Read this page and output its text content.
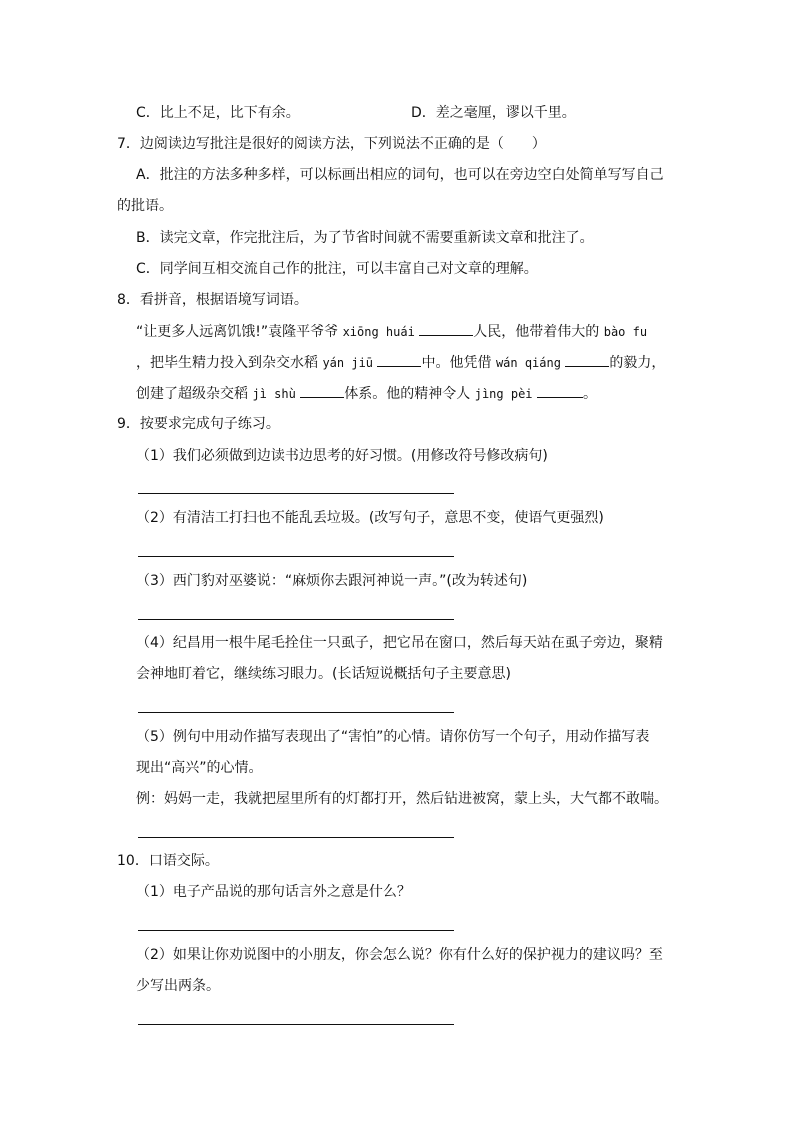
C．比上不足，比下有余。	D．差之毫厘，谬以千里。
7．边阅读边写批注是很好的阅读方法，下列说法不正确的是（　　）
A．批注的方法多种多样，可以标画出相应的词句，也可以在旁边空白处简单写写自己
的批语。
B．读完文章，作完批注后，为了节省时间就不需要重新读文章和批注了。
C．同学间互相交流自己作的批注，可以丰富自己对文章的理解。
8．看拼音，根据语境写词语。
“让更多人远离饥饿!”袁隆平爷爷 xiōng huái	人民，他带着伟大的 bào fu
，把毕生精力投入到杂交水稻 yán jiū	中。他凭借 wán qiáng	的毅力，
创建了超级杂交稻 jì shù	体系。他的精神令人 jìng pèi	。
9．按要求完成句子练习。
（1）我们必须做到边读书边思考的好习惯。(用修改符号修改病句)
（2）有清洁工打扫也不能乱丢垃圾。(改写句子，意思不变，使语气更强烈)
（3）西门豹对巫婆说：“麻烦你去跟河神说一声。”(改为转述句)
（4）纪昌用一根牛尾毛拴住一只虱子，把它吊在窗口，然后每天站在虱子旁边，聚精
会神地盯着它，继续练习眼力。(长话短说概括句子主要意思)
（5）例句中用动作描写表现出了“害怕”的心情。请你仿写一个句子，用动作描写表
现出“高兴”的心情。
例：妈妈一走，我就把屋里所有的灯都打开，然后钻进被窝，蒙上头，大气都不敢喘。
10．口语交际。
（1）电子产品说的那句话言外之意是什么？
（2）如果让你劝说图中的小朋友，你会怎么说？你有什么好的保护视力的建议吗？至
少写出两条。
